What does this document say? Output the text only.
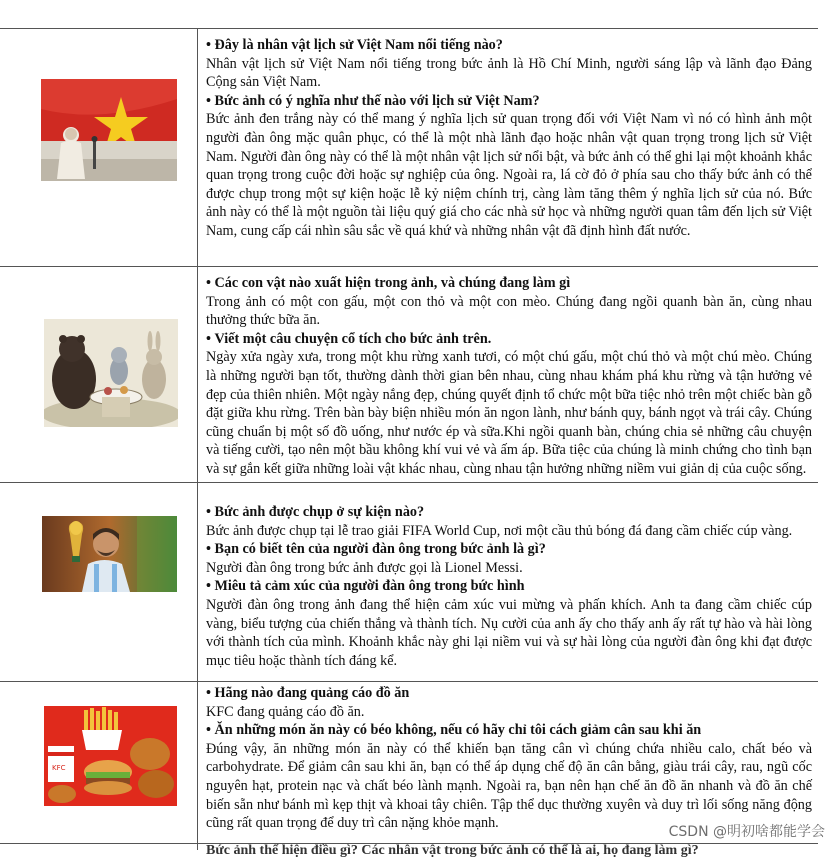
• Đây là nhân vật lịch sử Việt Nam nổi tiếng nào?

Nhân vật lịch sử Việt Nam nổi tiếng trong bức ảnh là Hồ Chí Minh, người sáng lập và lãnh đạo Đảng Cộng sản Việt Nam.

• Bức ảnh có ý nghĩa như thế nào với lịch sử Việt Nam?

Bức ảnh đen trắng này có thể mang ý nghĩa lịch sử quan trọng đối với Việt Nam vì nó có hình ảnh một người đàn ông mặc quân phục, có thể là một nhà lãnh đạo hoặc nhân vật quan trọng trong lịch sử Việt Nam. Người đàn ông này có thể là một nhân vật lịch sử nổi bật, và bức ảnh có thể ghi lại một khoảnh khắc quan trọng trong cuộc đời hoặc sự nghiệp của ông. Ngoài ra, lá cờ đỏ ở phía sau cho thấy bức ảnh có thể được chụp trong một sự kiện hoặc lễ kỷ niệm chính trị, càng làm tăng thêm ý nghĩa lịch sử của nó. Bức ảnh này có thể là một nguồn tài liệu quý giá cho các nhà sử học và những người quan tâm đến lịch sử Việt Nam, cung cấp cái nhìn sâu sắc về quá khứ và những nhân vật đã định hình đất nước.

• Các con vật nào xuất hiện trong ảnh, và chúng đang làm gì

Trong ảnh có một con gấu, một con thỏ và một con mèo. Chúng đang ngồi quanh bàn ăn, cùng nhau thưởng thức bữa ăn.

• Viết một câu chuyện cổ tích cho bức ảnh trên.

Ngày xửa ngày xưa, trong một khu rừng xanh tươi, có một chú gấu, một chú thỏ và một chú mèo. Chúng là những người bạn tốt, thường dành thời gian bên nhau, cùng nhau khám phá khu rừng và tận hưởng vẻ đẹp của thiên nhiên. Một ngày nắng đẹp, chúng quyết định tổ chức một bữa tiệc nhỏ trên một chiếc bàn gỗ đặt giữa khu rừng. Trên bàn bày biện nhiều món ăn ngon lành, như bánh quy, bánh ngọt và trái cây. Chúng cũng chuẩn bị một số đồ uống, như nước ép và sữa.Khi ngồi quanh bàn, chúng chia sẻ những câu chuyện và tiếng cười, tạo nên một bầu không khí vui vẻ và ấm áp. Bữa tiệc của chúng là minh chứng cho tình bạn và sự gắn kết giữa những loài vật khác nhau, cùng nhau tận hưởng những niềm vui giản dị của cuộc sống.

• Bức ảnh được chụp ở sự kiện nào?

Bức ảnh được chụp tại lễ trao giải FIFA World Cup, nơi một cầu thủ bóng đá đang cầm chiếc cúp vàng.

• Bạn có biết tên của người đàn ông trong bức ảnh là gì?

Người đàn ông trong bức ảnh được gọi là Lionel Messi.

• Miêu tả cảm xúc của người đàn ông trong bức hình

Người đàn ông trong ảnh đang thể hiện cảm xúc vui mừng và phấn khích. Anh ta đang cầm chiếc cúp vàng, biểu tượng của chiến thắng và thành tích. Nụ cười của anh ấy cho thấy anh ấy rất tự hào và hài lòng với thành tích của mình. Khoảnh khắc này ghi lại niềm vui và sự hài lòng của người đàn ông khi đạt được mục tiêu hoặc thành tích đáng kể.

KFC

• Hãng nào đang quảng cáo đồ ăn

KFC đang quảng cáo đồ ăn.

• Ăn những món ăn này có béo không, nếu có hãy chỉ tôi cách giảm cân sau khi ăn

Đúng vậy, ăn những món ăn này có thể khiến bạn tăng cân vì chúng chứa nhiều calo, chất béo và carbohydrate. Để giảm cân sau khi ăn, bạn có thể áp dụng chế độ ăn cân bằng, giàu trái cây, rau, ngũ cốc nguyên hạt, protein nạc và chất béo lành mạnh. Ngoài ra, bạn nên hạn chế ăn đồ ăn nhanh và đồ ăn chế biến sẵn như bánh mì kẹp thịt và khoai tây chiên. Tập thể dục thường xuyên và duy trì lối sống năng động cũng rất quan trọng để duy trì cân nặng khỏe mạnh.

Bức ảnh thể hiện điều gì? Các nhân vật trong bức ảnh có thể là ai, họ đang làm gì?
CSDN @明初啥都能学会
